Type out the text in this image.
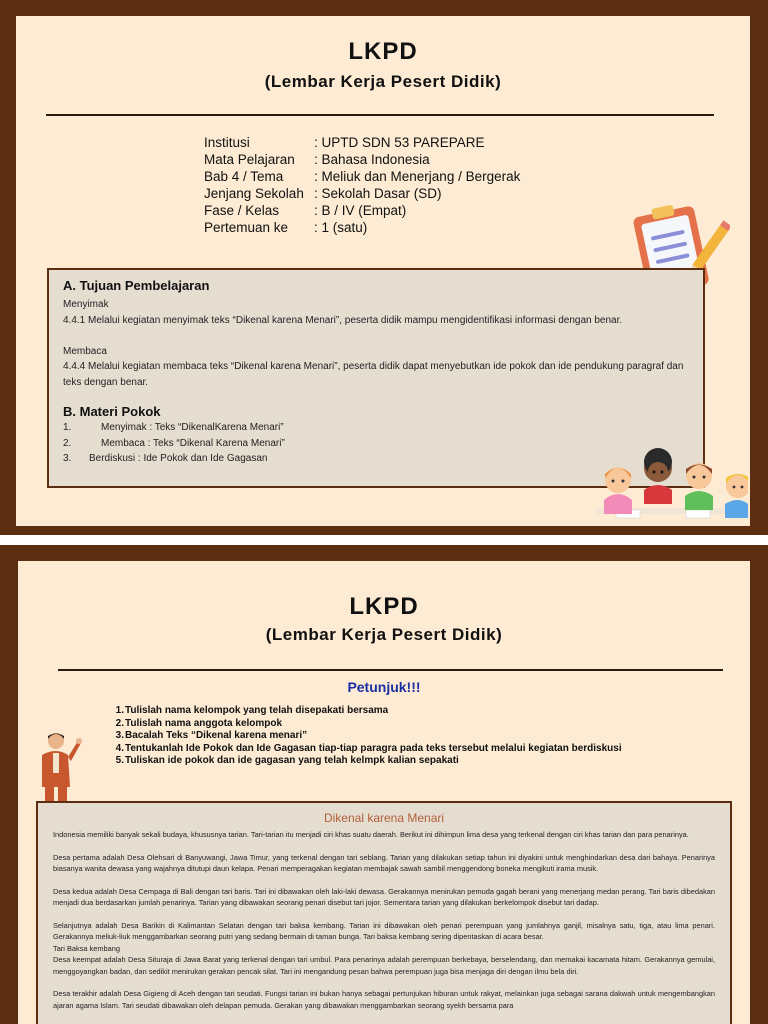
LKPD
(Lembar Kerja Pesert Didik)
Institusi	: UPTD SDN 53 PAREPARE
Mata Pelajaran	: Bahasa Indonesia
Bab 4 / Tema	: Meliuk dan Menerjang / Bergerak
Jenjang Sekolah : Sekolah Dasar (SD)
Fase / Kelas	: B / IV (Empat)
Pertemuan ke	: 1 (satu)
A. Tujuan Pembelajaran
Menyimak
4.4.1 Melalui kegiatan menyimak teks “Dikenal karena Menari”, peserta didik mampu mengidentifikasi informasi dengan benar.
Membaca
4.4.4 Melalui kegiatan membaca teks “Dikenal karena Menari”, peserta didik dapat menyebutkan ide pokok dan ide pendukung paragraf dan teks dengan benar.
B. Materi Pokok
1.	Menyimak : Teks “DikenalKarena Menari”
2.	Membaca : Teks “Dikenal Karena Menari”
3.	Berdiskusi : Ide Pokok dan Ide Gagasan
LKPD
(Lembar Kerja Pesert Didik)
Petunjuk!!!
1. Tulislah nama kelompok yang telah disepakati bersama
2. Tulislah nama anggota kelompok
3. Bacalah Teks “Dikenal karena menari”
4. Tentukanlah Ide Pokok dan Ide Gagasan tiap-tiap paragra pada teks tersebut melalui kegiatan berdiskusi
5. Tuliskan ide pokok dan ide gagasan yang telah kelmpk kalian sepakati
Dikenal karena Menari

Indonesia memiliki banyak sekali budaya, khususnya tarian. Tari-tarian itu menjadi ciri khas suatu daerah. Berikut ini dihimpun lima desa yang terkenal dengan ciri khas tarian dan para penarinya.

Desa pertama adalah Desa Olehsari di Banyuwangi, Jawa Timur, yang terkenal dengan tari seblang. Tarian yang dilakukan setiap tahun ini diyakini untuk menghindarkan desa dari bahaya. Penarinya biasanya wanita dewasa yang wajahnya ditutupi daun kelapa. Penari memperagakan kegiatan membajak sawah sambil menggendong boneka mengikuti irama musik.

Desa kedua adalah Desa Cempaga di Bali dengan tari baris. Tari ini dibawakan oleh laki-laki dewasa. Gerakannya menirukan pemuda gagah berani yang menerjang medan perang. Tari baris dibedakan menjadi dua berdasarkan jumlah penarinya. Tarian yang dibawakan seorang penari disebut tari jojor. Sementara tarian yang dilakukan berkelompok disebut tari dadap.

Selanjutnya adalah Desa Barikin di Kalimantan Selatan dengan tari baksa kembang. Tarian ini dibawakan oleh penari perempuan yang jumlahnya ganjil, misalnya satu, tiga, atau lima penari. Gerakannya meliuk-liuk menggambarkan seorang putri yang sedang bermain di taman bunga. Tari baksa kembang sering dipentaskan di acara besar.

Tari Baksa kembang

Desa keempat adalah Desa Situraja di Jawa Barat yang terkenal dengan tari umbul. Para penarinya adalah perempuan berkebaya, berselendang, dan memakai kacamata hitam. Gerakannya gemulai, menggoyangkan badan, dan sedikit menirukan gerakan pencak silat. Tari ini mengandung pesan bahwa perempuan juga bisa menjaga diri dengan ilmu bela diri.

Desa terakhir adalah Desa Gigieng di Aceh dengan tari seudati. Fungsi tarian ini bukan hanya sebagai pertunjukan hiburan untuk rakyat, melainkan juga sebagai sarana dakwah untuk mengembangkan ajaran agama Islam. Tari seudati dibawakan oleh delapan pemuda. Gerakan yang dibawakan menggambarkan seorang syekh bersama para
